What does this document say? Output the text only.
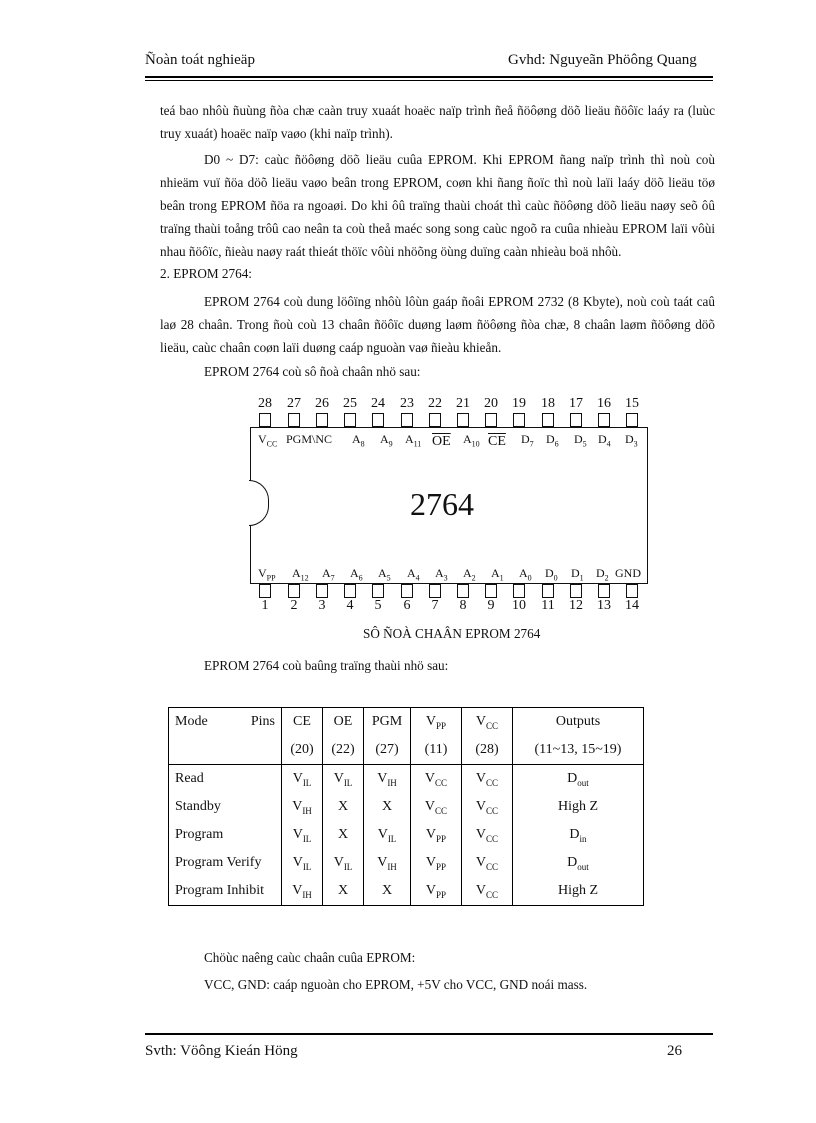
Ñoàn toát nghieäp	Gvhd: Nguyeãn Phöông Quang

teá bao nhôù ñuùng ñòa chæ caàn truy xuaát hoaëc naïp trình ñeå ñöôøng döõ lieäu ñöôïc laáy ra (luùc truy xuaát) hoaëc naïp vaøo (khi naïp trình).

D0 ~ D7: caùc ñöôøng döõ lieäu cuûa EPROM. Khi EPROM ñang naïp trình thì noù coù nhieäm vuï ñöa döõ lieäu vaøo beân trong EPROM, coøn khi ñang ñoïc thì noù laïi laáy döõ lieäu töø beân trong EPROM ñöa ra ngoaøi. Do khi ôû traïng thaùi choát thì caùc ñöôøng döõ lieäu naøy seõ ôû traïng thaùi toång trôû cao neân ta coù theå maéc song song caùc ngoõ ra cuûa nhieàu EPROM laïi vôùi nhau ñöôïc, ñieàu naøy raát thieát thöïc vôùi nhöõng öùng duïng caàn nhieàu boä nhôù.

2. EPROM 2764:

EPROM 2764 coù dung löôïng nhôù lôùn gaáp ñoâi EPROM 2732 (8 Kbyte), noù coù taát caû laø 28 chaân. Trong ñoù coù 13 chaân ñöôïc duøng laøm ñöôøng ñòa chæ, 8 chaân laøm ñöôøng döõ lieäu, caùc chaân coøn laïi duøng caáp nguoàn vaø ñieàu khieån.

EPROM 2764 coù sô ñoà chaân nhö sau:
2764
SÔ ÑOÀ CHAÂN EPROM 2764
28	27	26	25	24	23	22	21	20	19	18	17	16	15
1	2	3	4	5	6	7	8	9	10	11	12	13	14
$V_{CC}$ PGM\NC $A_8$ $A_9$ $A_{11}$ $\overline{OE}$ $A_{10}$ $\overline{CE}$ $D_7$ $D_6$ $D_5$ $D_4$ $D_3$
$V_{PP}$ $A_{12}$ $A_7$ $A_6$ $A_5$ $A_4$ $A_3$ $A_2$ $A_1$ $A_0$ $D_0$ $D_1$ $D_2$ GND
EPROM 2764 coù baûng traïng thaùi nhö sau:
Mode Pins	CE	OE	PGM	$V_{PP}$	$V_{CC}$	Outputs
	(20)	(22)	(27)	(11)	(28)	(11~13, 15~19)
Read	$V_{IL}$	$V_{IL}$	$V_{IH}$	$V_{CC}$	$V_{CC}$	$D_{out}$
Standby	$V_{IH}$	X	X	$V_{CC}$	$V_{CC}$	High Z
Program	$V_{IL}$	X	$V_{IL}$	$V_{PP}$	$V_{CC}$	$D_{in}$
Program Verify	$V_{IL}$	$V_{IL}$	$V_{IH}$	$V_{PP}$	$V_{CC}$	$D_{out}$
Program Inhibit	$V_{IH}$	X	X	$V_{PP}$	$V_{CC}$	High Z
Chöùc naêng caùc chaân cuûa EPROM:
VCC, GND: caáp nguoàn cho EPROM, +5V cho VCC, GND noái mass.
Svth: Vöông Kieán Höng	26
